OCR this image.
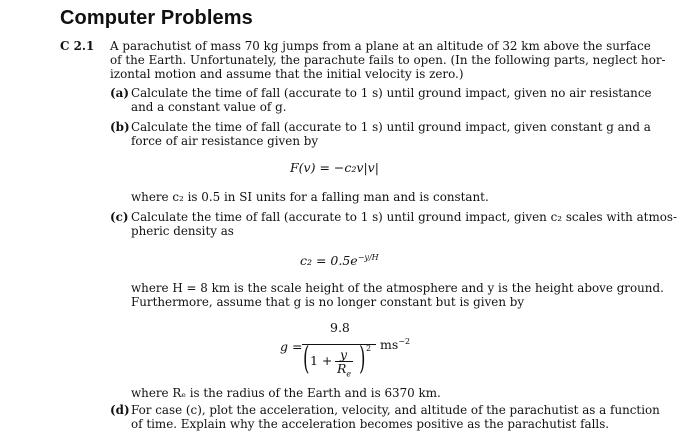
Computer Problems
C 2.1 A parachutist of mass 70 kg jumps from a plane at an altitude of 32 km above the surface
of the Earth. Unfortunately, the parachute fails to open. (In the following parts, neglect hor-
izontal motion and assume that the initial velocity is zero.)
(a) Calculate the time of fall (accurate to 1 s) until ground impact, given no air resistance
and a constant value of g.
(b) Calculate the time of fall (accurate to 1 s) until ground impact, given constant g and a
force of air resistance given by
F(v) = −c₂v|v|
where c₂ is 0.5 in SI units for a falling man and is constant.
(c) Calculate the time of fall (accurate to 1 s) until ground impact, given c₂ scales with atmos-
pheric density as
$c_2 = 0.5e^{-y/H}$
where H = 8 km is the scale height of the atmosphere and y is the height above ground.
Furthermore, assume that g is no longer constant but is given by
g =
9.8
( 1 + y
$R_e$ ) 2 $ms^{-2}$
where Rₑ is the radius of the Earth and is 6370 km.
(d) For case (c), plot the acceleration, velocity, and altitude of the parachutist as a function
of time. Explain why the acceleration becomes positive as the parachutist falls.
